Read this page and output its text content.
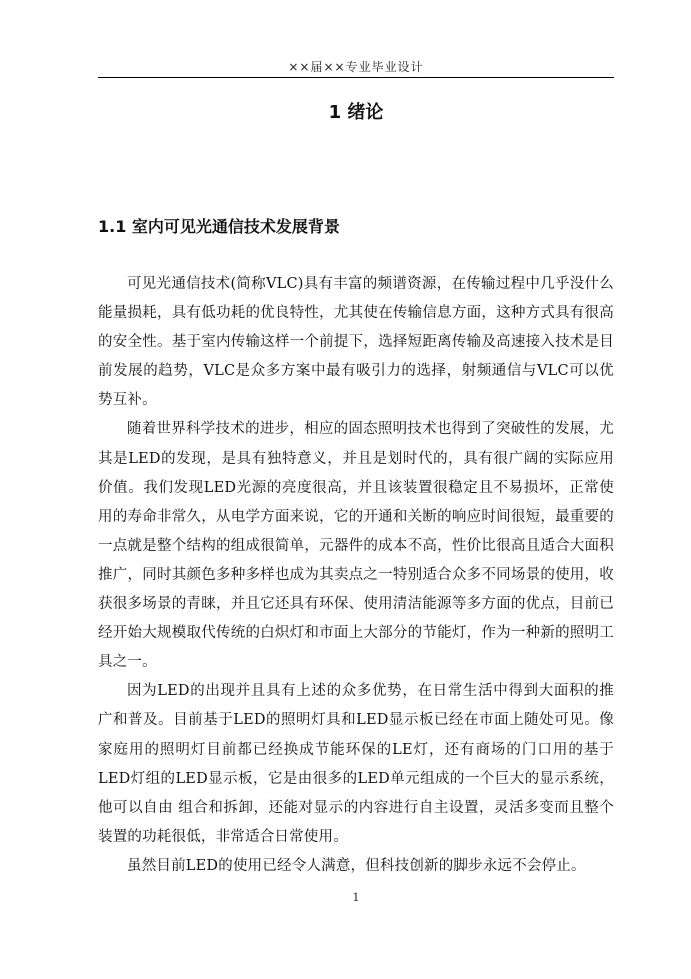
××届××专业毕业设计
1 绪论
1.1 室内可见光通信技术发展背景

可见光通信技术(简称VLC)具有丰富的频谱资源，在传输过程中几乎没什么能量损耗，具有低功耗的优良特性，尤其使在传输信息方面，这种方式具有很高的安全性。基于室内传输这样一个前提下，选择短距离传输及高速接入技术是目前发展的趋势，VLC是众多方案中最有吸引力的选择，射频通信与VLC可以优势互补。

随着世界科学技术的进步，相应的固态照明技术也得到了突破性的发展，尤其是LED的发现，是具有独特意义，并且是划时代的，具有很广阔的实际应用价值。我们发现LED光源的亮度很高，并且该装置很稳定且不易损坏，正常使用的寿命非常久，从电学方面来说，它的开通和关断的响应时间很短，最重要的一点就是整个结构的组成很简单，元器件的成本不高，性价比很高且适合大面积推广，同时其颜色多种多样也成为其卖点之一特别适合众多不同场景的使用，收获很多场景的青睐，并且它还具有环保、使用清洁能源等多方面的优点，目前已经开始大规模取代传统的白炽灯和市面上大部分的节能灯，作为一种新的照明工具之一。

因为LED的出现并且具有上述的众多优势，在日常生活中得到大面积的推广和普及。目前基于LED的照明灯具和LED显示板已经在市面上随处可见。像家庭用的照明灯目前都已经换成节能环保的LE灯，还有商场的门口用的基于LED灯组的LED显示板，它是由很多的LED单元组成的一个巨大的显示系统，他可以自由 组合和拆卸，还能对显示的内容进行自主设置，灵活多变而且整个装置的功耗很低，非常适合日常使用。

虽然目前LED的使用已经令人满意，但科技创新的脚步永远不会停止。

1
